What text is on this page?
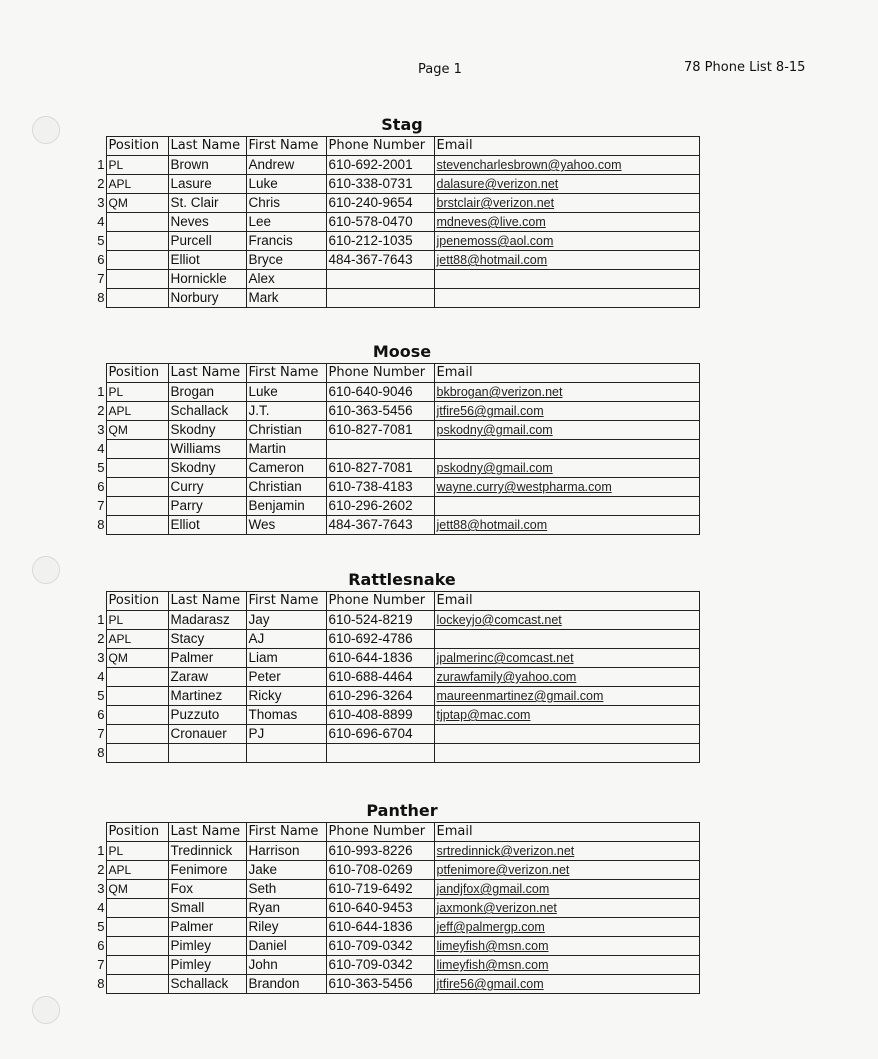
Page 1	78 Phone List 8-15
Stag
	Position	Last Name	First Name	Phone Number	Email
1	PL	Brown	Andrew	610-692-2001	stevencharlesbrown@yahoo.com
2	APL	Lasure	Luke	610-338-0731	dalasure@verizon.net
3	QM	St. Clair	Chris	610-240-9654	brstclair@verizon.net
4		Neves	Lee	610-578-0470	mdneves@live.com
5		Purcell	Francis	610-212-1035	jpenemoss@aol.com
6		Elliot	Bryce	484-367-7643	jett88@hotmail.com
7		Hornickle	Alex		
8		Norbury	Mark		
Moose
	Position	Last Name	First Name	Phone Number	Email
1	PL	Brogan	Luke	610-640-9046	bkbrogan@verizon.net
2	APL	Schallack	J.T.	610-363-5456	jtfire56@gmail.com
3	QM	Skodny	Christian	610-827-7081	pskodny@gmail.com
4		Williams	Martin		
5		Skodny	Cameron	610-827-7081	pskodny@gmail.com
6		Curry	Christian	610-738-4183	wayne.curry@westpharma.com
7		Parry	Benjamin	610-296-2602	
8		Elliot	Wes	484-367-7643	jett88@hotmail.com
Rattlesnake
	Position	Last Name	First Name	Phone Number	Email
1	PL	Madarasz	Jay	610-524-8219	lockeyjo@comcast.net
2	APL	Stacy	AJ	610-692-4786	
3	QM	Palmer	Liam	610-644-1836	jpalmerinc@comcast.net
4		Zaraw	Peter	610-688-4464	zurawfamily@yahoo.com
5		Martinez	Ricky	610-296-3264	maureenmartinez@gmail.com
6		Puzzuto	Thomas	610-408-8899	tjptap@mac.com
7		Cronauer	PJ	610-696-6704	
8					
Panther
	Position	Last Name	First Name	Phone Number	Email
1	PL	Tredinnick	Harrison	610-993-8226	srtredinnick@verizon.net
2	APL	Fenimore	Jake	610-708-0269	ptfenimore@verizon.net
3	QM	Fox	Seth	610-719-6492	jandjfox@gmail.com
4		Small	Ryan	610-640-9453	jaxmonk@verizon.net
5		Palmer	Riley	610-644-1836	jeff@palmergp.com
6		Pimley	Daniel	610-709-0342	limeyfish@msn.com
7		Pimley	John	610-709-0342	limeyfish@msn.com
8		Schallack	Brandon	610-363-5456	jtfire56@gmail.com
